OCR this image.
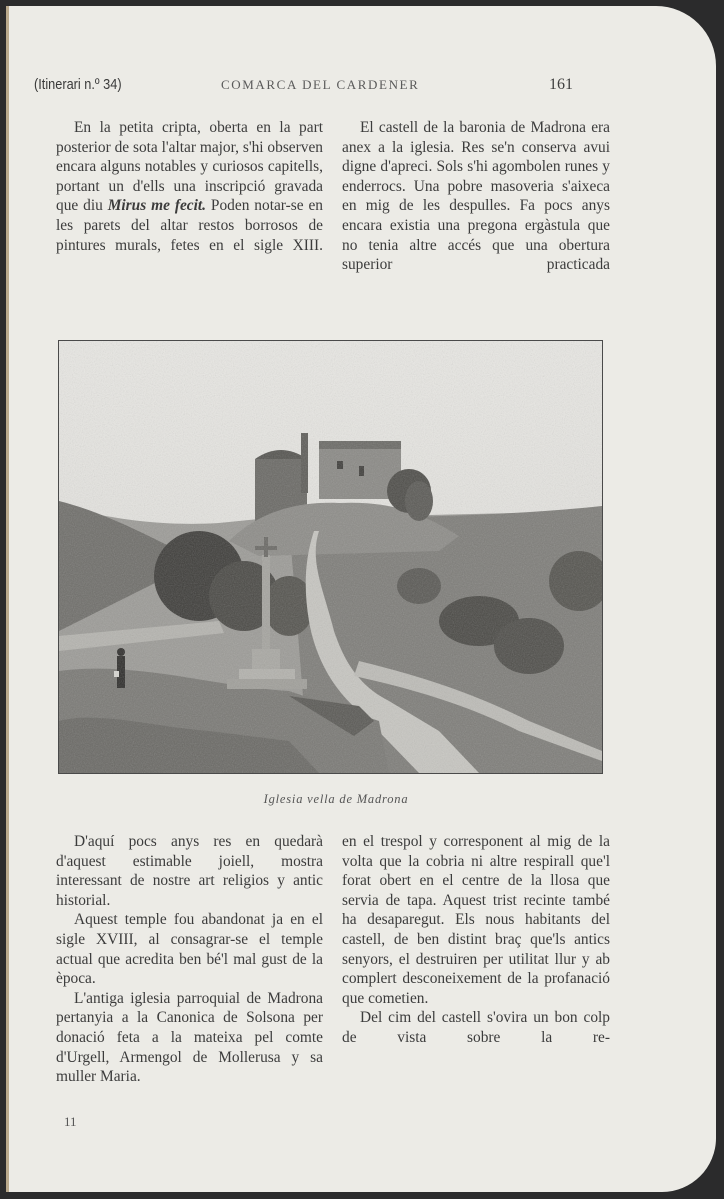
(Itinerari n.º 34)	COMARCA DEL CARDENER	161

En la petita cripta, oberta en la part posterior de sota l'altar major, s'hi observen encara alguns notables y curiosos capitells, portant un d'ells una inscripció gravada que diu Mirus me fecit. Poden notar-se en les parets del altar restos borrosos de pintures murals, fetes en el sigle XIII.

El castell de la baronia de Madrona era anex a la iglesia. Res se'n conserva avui digne d'apreci. Sols s'hi agombolen runes y enderrocs. Una pobre masoveria s'aixeca en mig de les despulles. Fa pocs anys encara existia una pregona ergàstula que no tenia altre accés que una obertura superior practicada

Iglesia vella de Madrona

D'aquí pocs anys res en quedarà d'aquest estimable joiell, mostra interessant de nostre art religios y antic historial.

Aquest temple fou abandonat ja en el sigle XVIII, al consagrar-se el temple actual que acredita ben bé'l mal gust de la època.

L'antiga iglesia parroquial de Madrona pertanyia a la Canonica de Solsona per donació feta a la mateixa pel comte d'Urgell, Armengol de Mollerusa y sa muller Maria.

en el trespol y corresponent al mig de la volta que la cobria ni altre respirall que'l forat obert en el centre de la llosa que servia de tapa. Aquest trist recinte també ha desaparegut. Els nous habitants del castell, de ben distint braç que'ls antics senyors, el destruiren per utilitat llur y ab complert desconeixement de la profanació que cometien.

Del cim del castell s'ovira un bon colp de vista sobre la re-

11
